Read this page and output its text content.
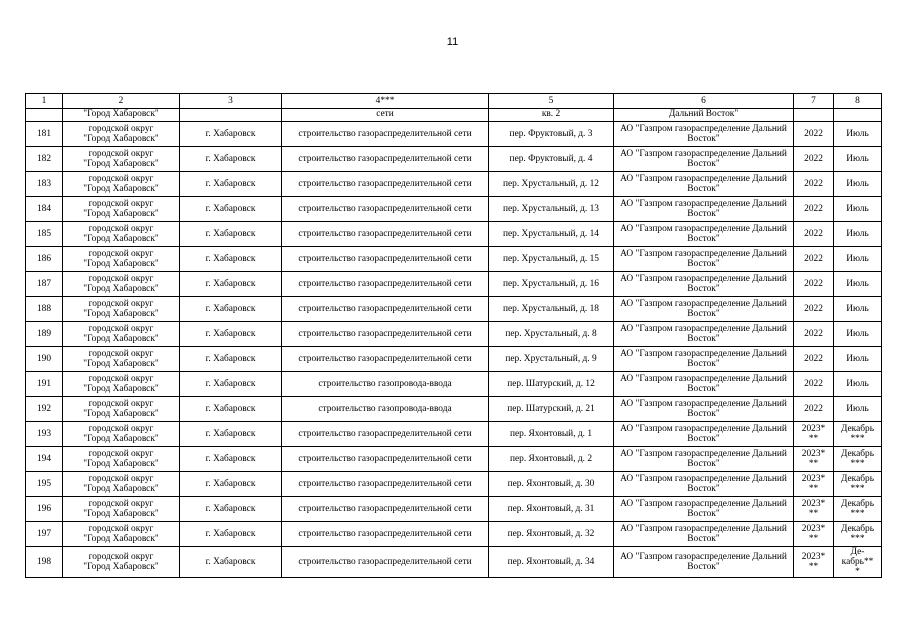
11
1	2	3	4***	5	6	7	8
	"Город Хабаровск"		сети	кв. 2	Дальний Восток"		
181	городской округ
"Город Хабаровск"	г. Хабаровск	строительство газораспределительной сети	пер. Фруктовый, д. 3	АО "Газпром газораспределение Дальний Восток"	2022	Июль
182	городской округ
"Город Хабаровск"	г. Хабаровск	строительство газораспределительной сети	пер. Фруктовый, д. 4	АО "Газпром газораспределение Дальний Восток"	2022	Июль
183	городской округ
"Город Хабаровск"	г. Хабаровск	строительство газораспределительной сети	пер. Хрустальный, д. 12	АО "Газпром газораспределение Дальний Восток"	2022	Июль
184	городской округ
"Город Хабаровск"	г. Хабаровск	строительство газораспределительной сети	пер. Хрустальный, д. 13	АО "Газпром газораспределение Дальний Восток"	2022	Июль
185	городской округ
"Город Хабаровск"	г. Хабаровск	строительство газораспределительной сети	пер. Хрустальный, д. 14	АО "Газпром газораспределение Дальний Восток"	2022	Июль
186	городской округ
"Город Хабаровск"	г. Хабаровск	строительство газораспределительной сети	пер. Хрустальный, д. 15	АО "Газпром газораспределение Дальний Восток"	2022	Июль
187	городской округ
"Город Хабаровск"	г. Хабаровск	строительство газораспределительной сети	пер. Хрустальный, д. 16	АО "Газпром газораспределение Дальний Восток"	2022	Июль
188	городской округ
"Город Хабаровск"	г. Хабаровск	строительство газораспределительной сети	пер. Хрустальный, д. 18	АО "Газпром газораспределение Дальний Восток"	2022	Июль
189	городской округ
"Город Хабаровск"	г. Хабаровск	строительство газораспределительной сети	пер. Хрустальный, д. 8	АО "Газпром газораспределение Дальний Восток"	2022	Июль
190	городской округ
"Город Хабаровск"	г. Хабаровск	строительство газораспределительной сети	пер. Хрустальный, д. 9	АО "Газпром газораспределение Дальний Восток"	2022	Июль
191	городской округ
"Город Хабаровск"	г. Хабаровск	строительство газопровода-ввода	пер. Шатурский, д. 12	АО "Газпром газораспределение Дальний Восток"	2022	Июль
192	городской округ
"Город Хабаровск"	г. Хабаровск	строительство газопровода-ввода	пер. Шатурский, д. 21	АО "Газпром газораспределение Дальний Восток"	2022	Июль
193	городской округ
"Город Хабаровск"	г. Хабаровск	строительство газораспределительной сети	пер. Яхонтовый, д. 1	АО "Газпром газораспределение Дальний Восток"	2023*
**	Декабрь
***
194	городской округ
"Город Хабаровск"	г. Хабаровск	строительство газораспределительной сети	пер. Яхонтовый, д. 2	АО "Газпром газораспределение Дальний Восток"	2023*
**	Декабрь
***
195	городской округ
"Город Хабаровск"	г. Хабаровск	строительство газораспределительной сети	пер. Яхонтовый, д. 30	АО "Газпром газораспределение Дальний Восток"	2023*
**	Декабрь
***
196	городской округ
"Город Хабаровск"	г. Хабаровск	строительство газораспределительной сети	пер. Яхонтовый, д. 31	АО "Газпром газораспределение Дальний Восток"	2023*
**	Декабрь
***
197	городской округ
"Город Хабаровск"	г. Хабаровск	строительство газораспределительной сети	пер. Яхонтовый, д. 32	АО "Газпром газораспределение Дальний Восток"	2023*
**	Декабрь
***
198	городской округ
"Город Хабаровск"	г. Хабаровск	строительство газораспределительной сети	пер. Яхонтовый, д. 34	АО "Газпром газораспределение Дальний Восток"	2023*
**	Де-
кабрь**
*
